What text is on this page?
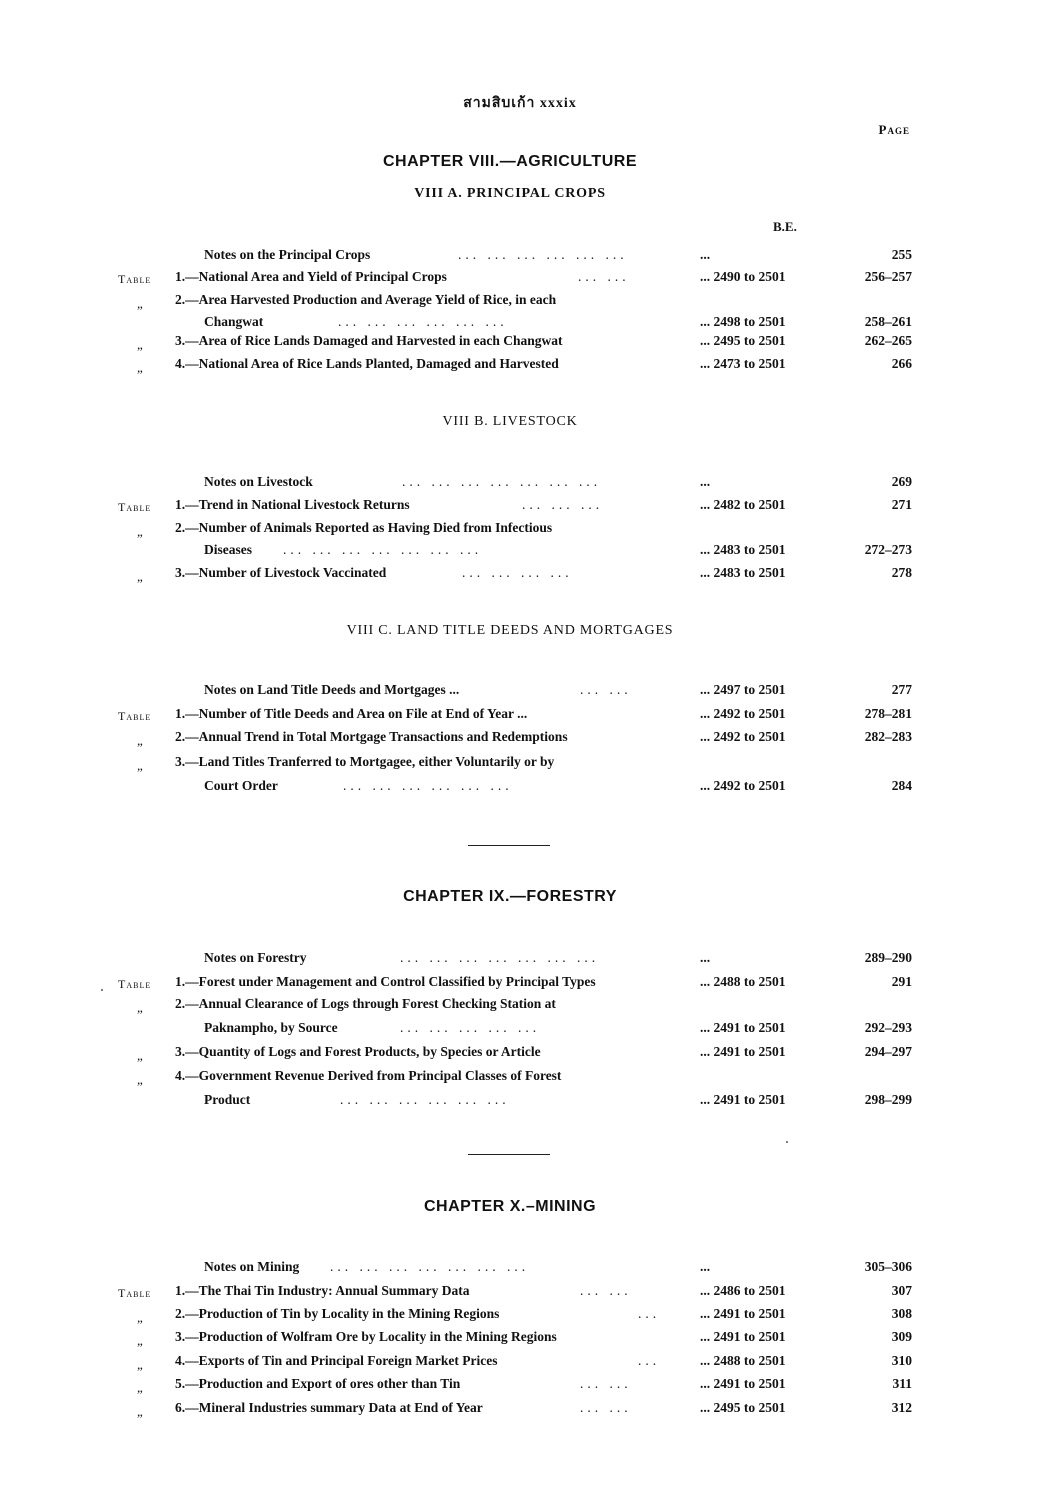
สามสิบเก้า xxxix
Page
CHAPTER VIII.—AGRICULTURE
VIII A. PRINCIPAL CROPS
B.E.
Notes on the Principal Crops	... ... ... ... ... ...	...	255
Table 1.—National Area and Yield of Principal Crops	... ...	... 2490 to 2501	256–257
„ 2.—Area Harvested Production and Average Yield of Rice, in each
Changwat	... ... ... ... ... ...	... 2498 to 2501	258–261
„ 3.—Area of Rice Lands Damaged and Harvested in each Changwat	... 2495 to 2501	262–265
„ 4.—National Area of Rice Lands Planted, Damaged and Harvested	... 2473 to 2501	266
VIII B. LIVESTOCK
Notes on Livestock	... ... ... ... ... ... ...	...	269
Table 1.—Trend in National Livestock Returns	... ... ...	... 2482 to 2501	271
„ 2.—Number of Animals Reported as Having Died from Infectious
Diseases ... ... ... ... ... ... ...	... 2483 to 2501	272–273
„ 3.—Number of Livestock Vaccinated	... ... ... ...	... 2483 to 2501	278
VIII C. LAND TITLE DEEDS AND MORTGAGES
Notes on Land Title Deeds and Mortgages ...	... ...	... 2497 to 2501	277
Table 1.—Number of Title Deeds and Area on File at End of Year ...	... 2492 to 2501	278–281
„ 2.—Annual Trend in Total Mortgage Transactions and Redemptions	... 2492 to 2501	282–283
„ 3.—Land Titles Tranferred to Mortgagee, either Voluntarily or by
Court Order	... ... ... ... ... ...	... 2492 to 2501	284
CHAPTER IX.—FORESTRY
Notes on Forestry	... ... ... ... ... ... ...	...	289–290
Table 1.—Forest under Management and Control Classified by Principal Types	... 2488 to 2501	291
„ 2.—Annual Clearance of Logs through Forest Checking Station at
Paknampho, by Source	... ... ... ... ...	... 2491 to 2501	292–293
„ 3.—Quantity of Logs and Forest Products, by Species or Article	... 2491 to 2501	294–297
„ 4.—Government Revenue Derived from Principal Classes of Forest
Product	... ... ... ... ... ...	... 2491 to 2501	298–299
CHAPTER X.–MINING
Notes on Mining ... ... ... ... ... ... ...	...	305–306
Table 1.—The Thai Tin Industry: Annual Summary Data	... ...	... 2486 to 2501	307
„ 2.—Production of Tin by Locality in the Mining Regions	...	... 2491 to 2501	308
„ 3.—Production of Wolfram Ore by Locality in the Mining Regions	... 2491 to 2501	309
„ 4.—Exports of Tin and Principal Foreign Market Prices	...	... 2488 to 2501	310
„ 5.—Production and Export of ores other than Tin	... ...	... 2491 to 2501	311
„ 6.—Mineral Industries summary Data at End of Year	... ...	... 2495 to 2501	312
